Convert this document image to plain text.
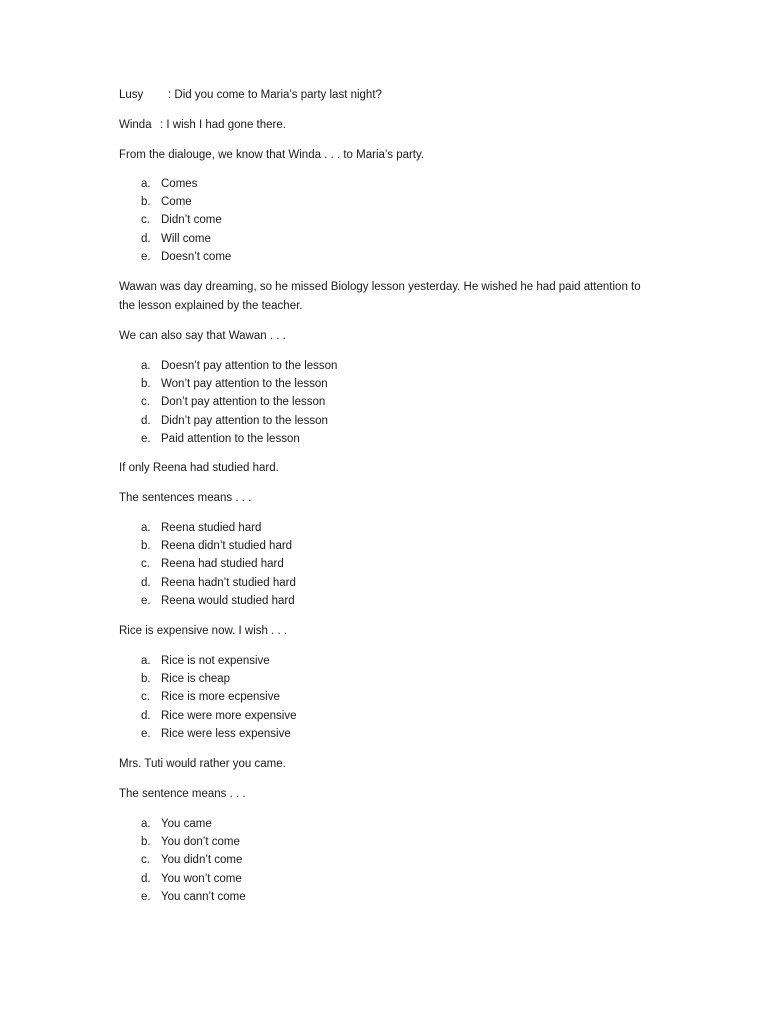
Lusy : Did you come to Maria’s party last night?
Winda : I wish I had gone there.
From the dialouge, we know that Winda . . . to Maria’s party.
a. Comes
b. Come
c. Didn’t come
d. Will come
e. Doesn’t come
Wawan was day dreaming, so he missed Biology lesson yesterday. He wished he had paid attention to the lesson explained by the teacher.
We can also say that Wawan . . .
a. Doesn’t pay attention to the lesson
b. Won’t pay attention to the lesson
c. Don’t pay attention to the lesson
d. Didn’t pay attention to the lesson
e. Paid attention to the lesson
If only Reena had studied hard.
The sentences means . . .
a. Reena studied hard
b. Reena didn’t studied hard
c. Reena had studied hard
d. Reena hadn’t studied hard
e. Reena would studied hard
Rice is expensive now. I wish . . .
a. Rice is not expensive
b. Rice is cheap
c. Rice is more ecpensive
d. Rice were more expensive
e. Rice were less expensive
Mrs. Tuti would rather you came.
The sentence means . . .
a. You came
b. You don’t come
c. You didn’t come
d. You won’t come
e. You cann’t come
